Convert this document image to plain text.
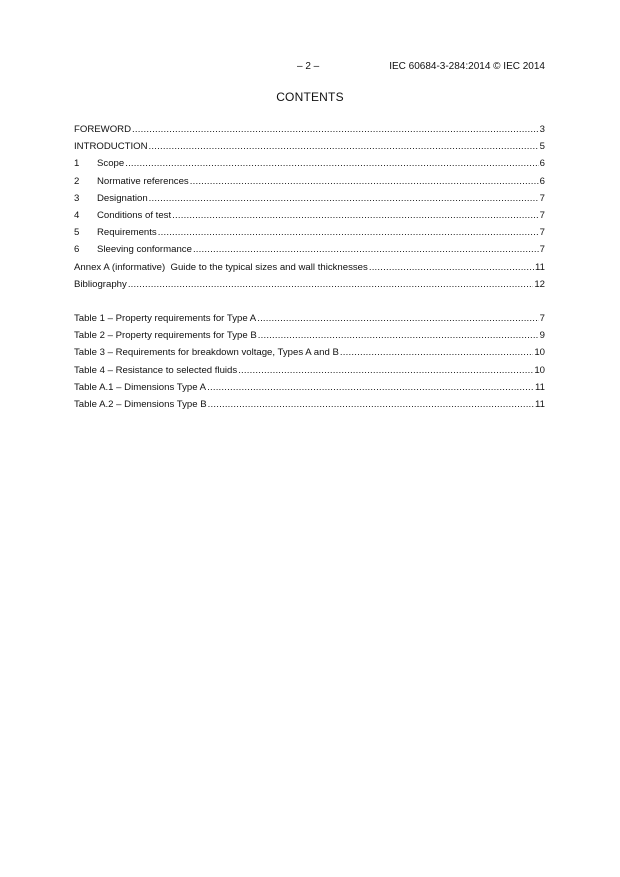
– 2 –	IEC 60684-3-284:2014 © IEC 2014
CONTENTS
FOREWORD .....	3
INTRODUCTION .....	5
1	Scope .....	6
2	Normative references .....	6
3	Designation .....	7
4	Conditions of test .....	7
5	Requirements .....	7
6	Sleeving conformance .....	7
Annex A (informative)  Guide to the typical sizes and wall thicknesses .....	11
Bibliography .....	12
Table 1 – Property requirements for Type A .....	7
Table 2 – Property requirements for Type B .....	9
Table 3 – Requirements for breakdown voltage, Types A and B .....	10
Table 4 – Resistance to selected fluids .....	10
Table A.1 – Dimensions Type A .....	11
Table A.2 – Dimensions Type B .....	11
